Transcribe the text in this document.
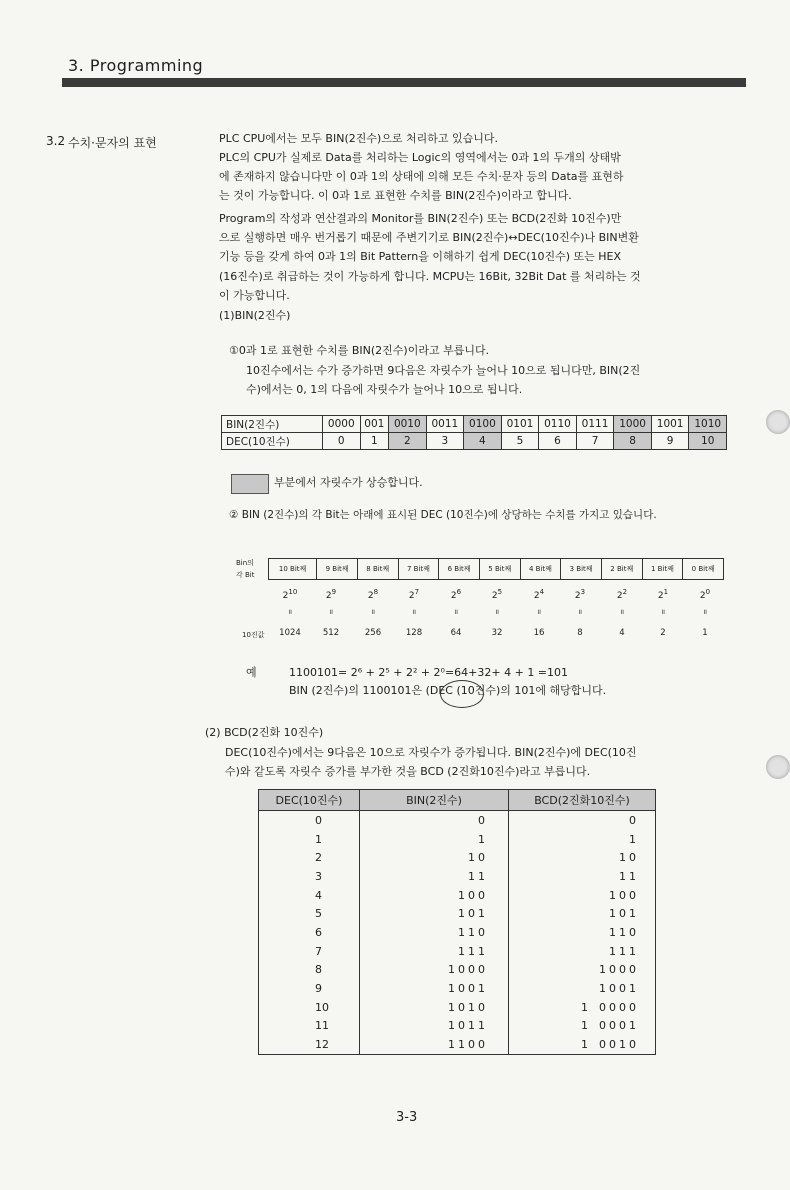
3. Programming
3.2 수치·문자의 표현	PLC CPU에서는 모두 BIN(2진수)으로 처리하고 있습니다.
PLC의 CPU가 실제로 Data를 처리하는 Logic의 영역에서는 0과 1의 두개의 상태밖
에 존재하지 않습니다만 이 0과 1의 상태에 의해 모든 수치·문자 등의 Data를 표현하
는 것이 가능합니다. 이 0과 1로 표현한 수치를 BIN(2진수)이라고 합니다.
Program의 작성과 연산결과의 Monitor를 BIN(2진수) 또는 BCD(2진화 10진수)만
으로 실행하면 매우 번거롭기 때문에 주변기기로 BIN(2진수)↔DEC(10진수)나 BIN변환
기능 등을 갖게 하여 0과 1의 Bit Pattern을 이해하기 쉽게 DEC(10진수) 또는 HEX
(16진수)로 취급하는 것이 가능하게 합니다. MCPU는 16Bit, 32Bit Dat 를 처리하는 것
이 가능합니다.
(1)BIN(2진수)
①0과 1로 표현한 수치를 BIN(2진수)이라고 부릅니다.
10진수에서는 수가 증가하면 9다음은 자릿수가 늘어나 10으로 됩니다만, BIN(2진
수)에서는 0, 1의 다음에 자릿수가 늘어나 10으로 됩니다.
BIN(2진수)	0000	001	0010	0011	0100	0101	0110	0111	1000	1001	1010
DEC(10진수)	0	1	2	3	4	5	6	7	8	9	10
부분에서 자릿수가 상승합니다.
② BIN (2진수)의 각 Bit는 아래에 표시된 DEC (10진수)에 상당하는 수치를 가지고 있습니다.
Bin의
각 Bit
10 Bit째	9 Bit째	8 Bit째	7 Bit째	6 Bit째	5 Bit째	4 Bit째	3 Bit째	2 Bit째	1 Bit째	0 Bit째
$2^{10}$	$2^9$	$2^8$	$2^7$	$2^6$	$2^5$	$2^4$	$2^3$	$2^2$	$2^1$	$2^0$
॥	॥	॥	॥	॥	॥	॥	॥	॥	॥	॥
1024	512	256	128	64	32	16	8	4	2	1
10진값
예	1100101= 2⁶ + 2⁵ + 2² + 2⁰=64+32+ 4 + 1 =101
BIN (2진수)의 1100101은 (DEC (10진수)의 101에 해당합니다.
(2) BCD(2진화 10진수)
DEC(10진수)에서는 9다음은 10으로 자릿수가 증가됩니다. BIN(2진수)에 DEC(10진
수)와 같도록 자릿수 증가를 부가한 것을 BCD (2진화10진수)라고 부릅니다.
DEC(10진수)	BIN(2진수)	BCD(2진화10진수)
0	0	0
1	1	1
2	10	10
3	11	11
4	100	100
5	101	101
6	110	110
7	111	111
8	1000	1000
9	1001	1001
10	1010	1 0000
11	1011	1 0001
12	1100	1 0010
3-3
